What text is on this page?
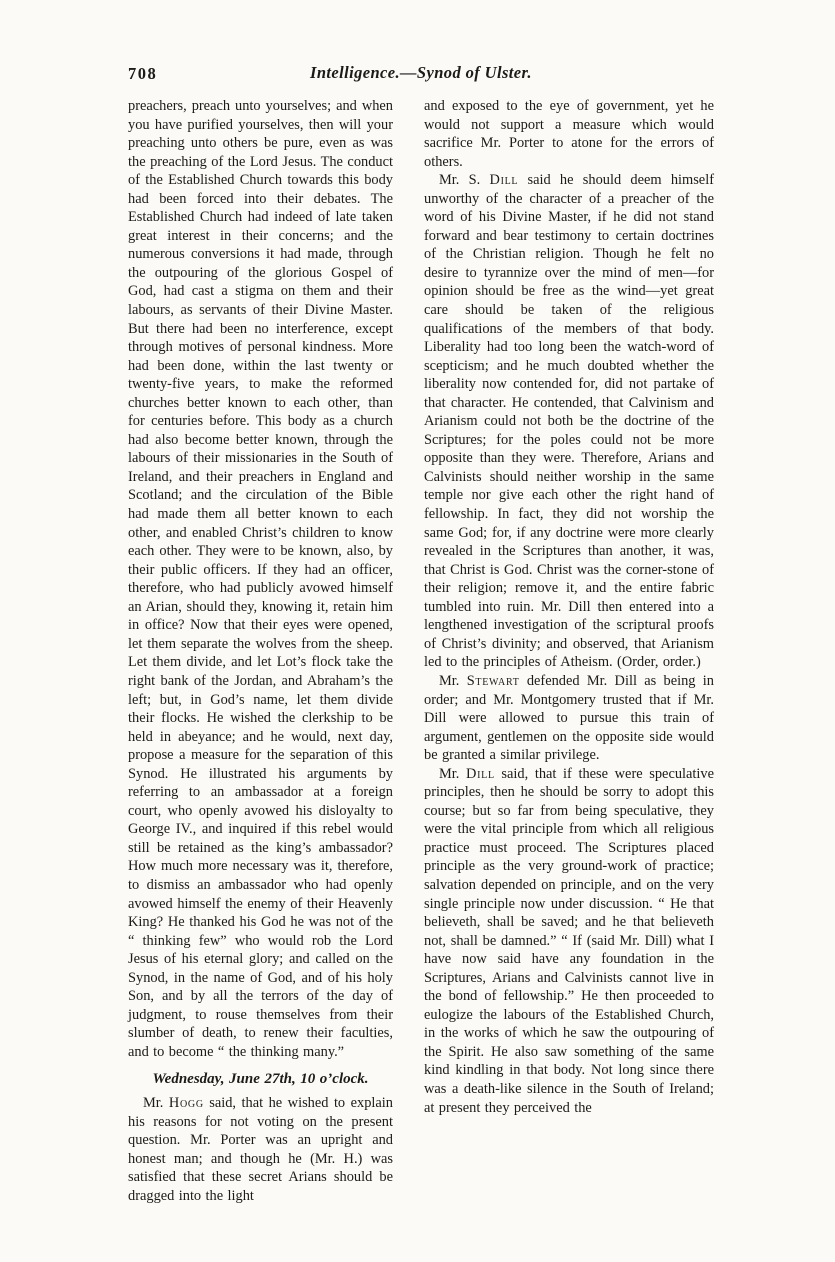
708	Intelligence.—Synod of Ulster.

preachers, preach unto yourselves; and when you have purified yourselves, then will your preaching unto others be pure, even as was the preaching of the Lord Jesus. The conduct of the Established Church towards this body had been forced into their debates. The Established Church had indeed of late taken great interest in their concerns; and the numerous conversions it had made, through the outpouring of the glorious Gospel of God, had cast a stigma on them and their labours, as servants of their Divine Master. But there had been no interference, except through motives of personal kindness. More had been done, within the last twenty or twenty-five years, to make the reformed churches better known to each other, than for centuries before. This body as a church had also become better known, through the labours of their missionaries in the South of Ireland, and their preachers in England and Scotland; and the circulation of the Bible had made them all better known to each other, and enabled Christ’s children to know each other. They were to be known, also, by their public officers. If they had an officer, therefore, who had publicly avowed himself an Arian, should they, knowing it, retain him in office? Now that their eyes were opened, let them separate the wolves from the sheep. Let them divide, and let Lot’s flock take the right bank of the Jordan, and Abraham’s the left; but, in God’s name, let them divide their flocks. He wished the clerkship to be held in abeyance; and he would, next day, propose a measure for the separation of this Synod. He illustrated his arguments by referring to an ambassador at a foreign court, who openly avowed his disloyalty to George IV., and inquired if this rebel would still be retained as the king’s ambassador? How much more necessary was it, therefore, to dismiss an ambassador who had openly avowed himself the enemy of their Heavenly King? He thanked his God he was not of the “ thinking few” who would rob the Lord Jesus of his eternal glory; and called on the Synod, in the name of God, and of his holy Son, and by all the terrors of the day of judgment, to rouse themselves from their slumber of death, to renew their faculties, and to become “ the thinking many.”

Wednesday, June 27th, 10 o’clock.

Mr. Hogg said, that he wished to explain his reasons for not voting on the present question. Mr. Porter was an upright and honest man; and though he (Mr. H.) was satisfied that these secret Arians should be dragged into the light

and exposed to the eye of government, yet he would not support a measure which would sacrifice Mr. Porter to atone for the errors of others.

Mr. S. Dill said he should deem himself unworthy of the character of a preacher of the word of his Divine Master, if he did not stand forward and bear testimony to certain doctrines of the Christian religion. Though he felt no desire to tyrannize over the mind of men—for opinion should be free as the wind—yet great care should be taken of the religious qualifications of the members of that body. Liberality had too long been the watch-word of scepticism; and he much doubted whether the liberality now contended for, did not partake of that character. He contended, that Calvinism and Arianism could not both be the doctrine of the Scriptures; for the poles could not be more opposite than they were. Therefore, Arians and Calvinists should neither worship in the same temple nor give each other the right hand of fellowship. In fact, they did not worship the same God; for, if any doctrine were more clearly revealed in the Scriptures than another, it was, that Christ is God. Christ was the corner-stone of their religion; remove it, and the entire fabric tumbled into ruin. Mr. Dill then entered into a lengthened investigation of the scriptural proofs of Christ’s divinity; and observed, that Arianism led to the principles of Atheism. (Order, order.)

Mr. Stewart defended Mr. Dill as being in order; and Mr. Montgomery trusted that if Mr. Dill were allowed to pursue this train of argument, gentlemen on the opposite side would be granted a similar privilege.

Mr. Dill said, that if these were speculative principles, then he should be sorry to adopt this course; but so far from being speculative, they were the vital principle from which all religious practice must proceed. The Scriptures placed principle as the very ground-work of practice; salvation depended on principle, and on the very single principle now under discussion. “ He that believeth, shall be saved; and he that believeth not, shall be damned.” “ If (said Mr. Dill) what I have now said have any foundation in the Scriptures, Arians and Calvinists cannot live in the bond of fellowship.” He then proceeded to eulogize the labours of the Established Church, in the works of which he saw the outpouring of the Spirit. He also saw something of the same kind kindling in that body. Not long since there was a death-like silence in the South of Ireland; at present they perceived the
